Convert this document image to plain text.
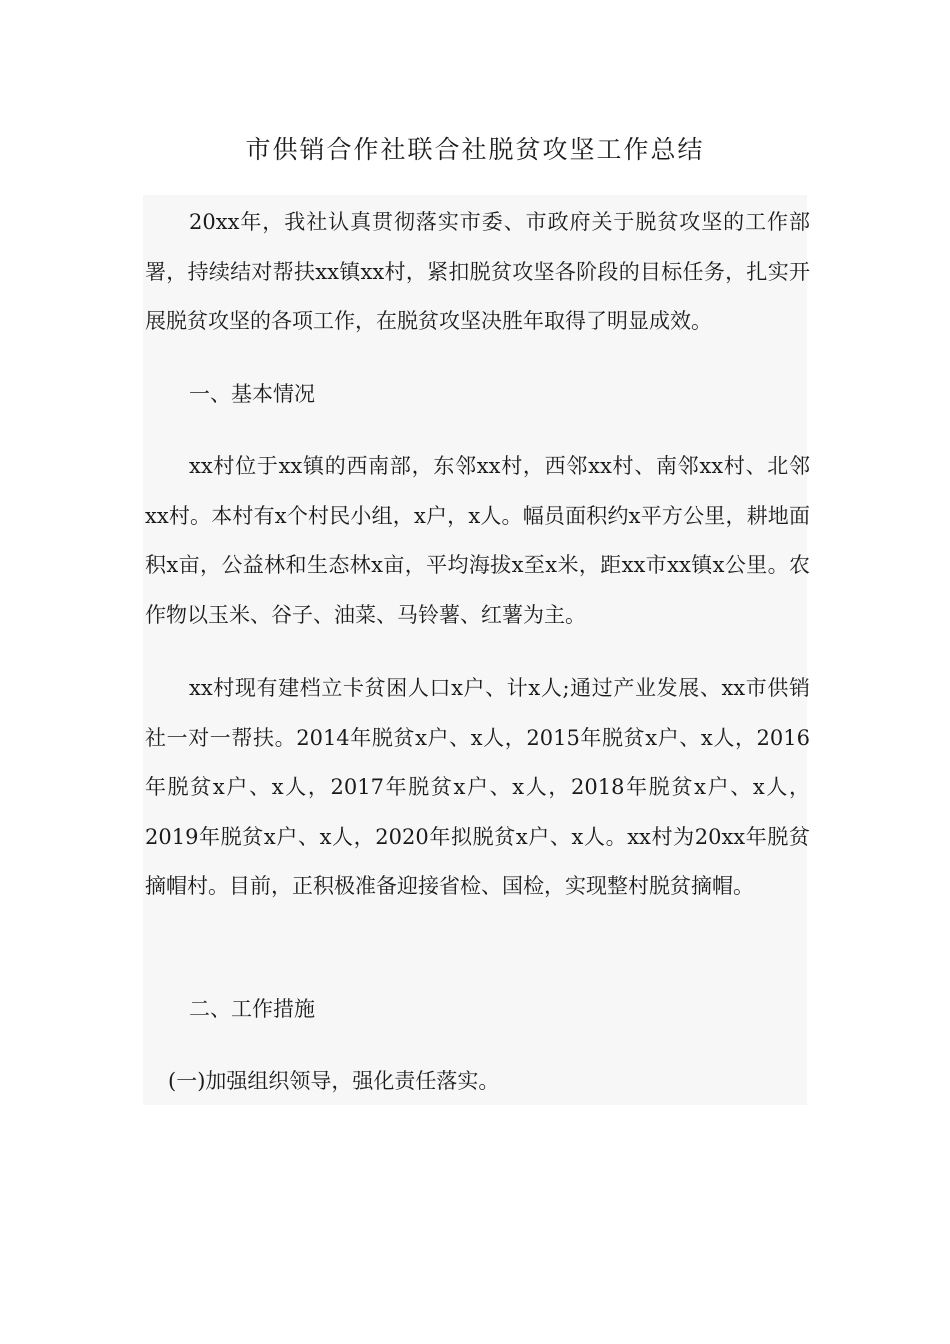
市供销合作社联合社脱贫攻坚工作总结

20xx年，我社认真贯彻落实市委、市政府关于脱贫攻坚的工作部署，持续结对帮扶xx镇xx村，紧扣脱贫攻坚各阶段的目标任务，扎实开展脱贫攻坚的各项工作，在脱贫攻坚决胜年取得了明显成效。

一、基本情况

xx村位于xx镇的西南部，东邻xx村，西邻xx村、南邻xx村、北邻xx村。本村有x个村民小组，x户，x人。幅员面积约x平方公里，耕地面积x亩，公益林和生态林x亩，平均海拔x至x米，距xx市xx镇x公里。农作物以玉米、谷子、油菜、马铃薯、红薯为主。

xx村现有建档立卡贫困人口x户、计x人;通过产业发展、xx市供销社一对一帮扶。2014年脱贫x户、x人，2015年脱贫x户、x人，2016年脱贫x户、x人，2017年脱贫x户、x人，2018年脱贫x户、x人，2019年脱贫x户、x人，2020年拟脱贫x户、x人。xx村为20xx年脱贫摘帽村。目前，正积极准备迎接省检、国检，实现整村脱贫摘帽。

二、工作措施

(一)加强组织领导，强化责任落实。
